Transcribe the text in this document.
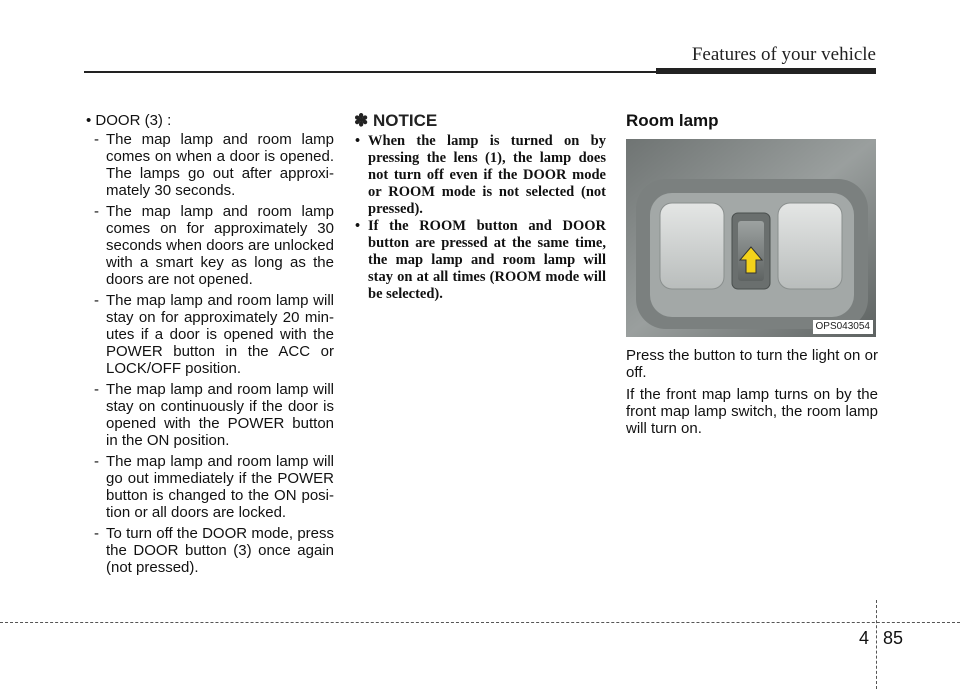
Features of your vehicle
• DOOR (3) :
- The map lamp and room lamp comes on when a door is opened. The lamps go out after approxi-mately 30 seconds.
- The map lamp and room lamp comes on for approximately 30 seconds when doors are unlocked with a smart key as long as the doors are not opened.
- The map lamp and room lamp will stay on for approximately 20 min-utes if a door is opened with the POWER button in the ACC or LOCK/OFF position.
- The map lamp and room lamp will stay on continuously if the door is opened with the POWER button in the ON position.
- The map lamp and room lamp will go out immediately if the POWER button is changed to the ON posi-tion or all doors are locked.
- To turn off the DOOR mode, press the DOOR button (3) once again (not pressed).
✽ NOTICE
• When the lamp is turned on by pressing the lens (1), the lamp does not turn off even if the DOOR mode or ROOM mode is not selected (not pressed).
• If the ROOM button and DOOR button are pressed at the same time, the map lamp and room lamp will stay on at all times (ROOM mode will be selected).
Room lamp
OPS043054

Press the button to turn the light on or off.

If the front map lamp turns on by the front map lamp switch, the room lamp will turn on.

4 85
